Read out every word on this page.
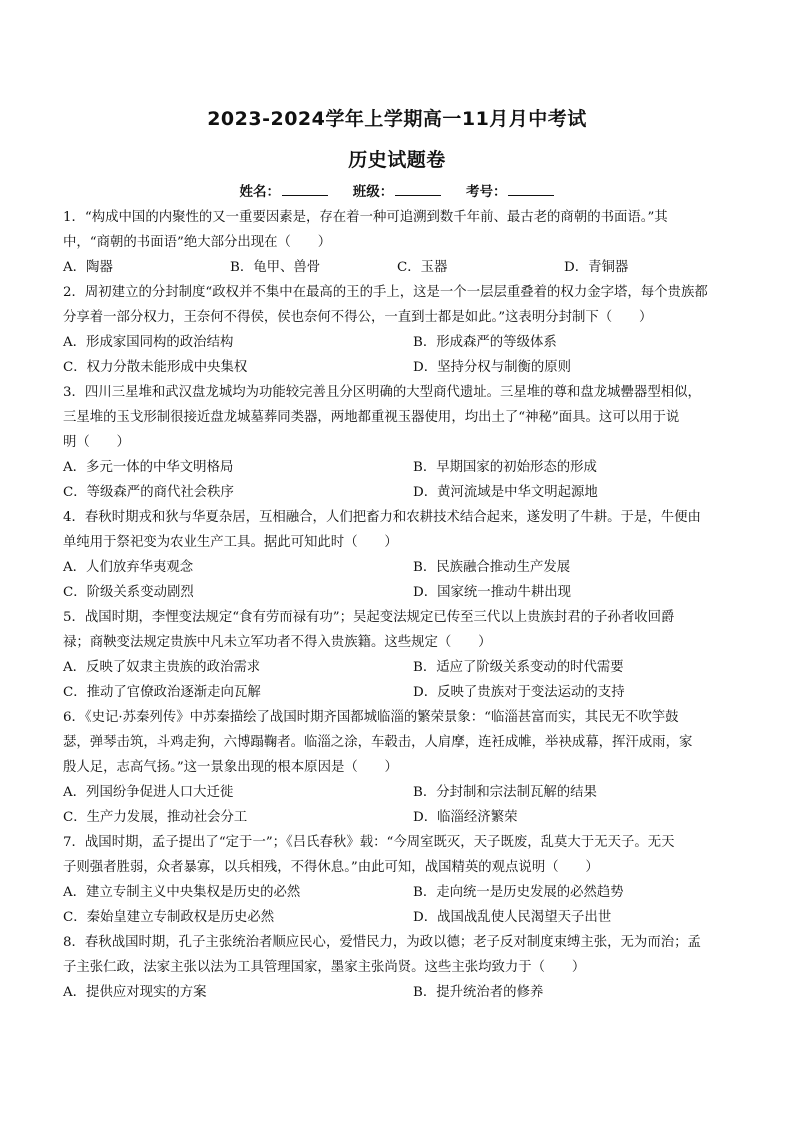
2023-2024学年上学期高一11月月中考试
历史试题卷
姓名：	班级：	考号：
1．“构成中国的内聚性的又一重要因素是，存在着一种可追溯到数千年前、最古老的商朝的书面语。”其
中，“商朝的书面语”绝大部分出现在（　　）
A．陶器	B．龟甲、兽骨	C．玉器	D．青铜器
2．周初建立的分封制度“政权并不集中在最高的王的手上，这是一个一层层重叠着的权力金字塔，每个贵族都
分享着一部分权力，王奈何不得侯，侯也奈何不得公，一直到士都是如此。”这表明分封制下（　　）
A．形成家国同构的政治结构	B．形成森严的等级体系
C．权力分散未能形成中央集权	D．坚持分权与制衡的原则
3．四川三星堆和武汉盘龙城均为功能较完善且分区明确的大型商代遗址。三星堆的尊和盘龙城罍器型相似，
三星堆的玉戈形制很接近盘龙城墓葬同类器，两地都重视玉器使用，均出土了“神秘”面具。这可以用于说
明（　　）
A．多元一体的中华文明格局	B．早期国家的初始形态的形成
C．等级森严的商代社会秩序	D．黄河流域是中华文明起源地
4．春秋时期戎和狄与华夏杂居，互相融合，人们把畜力和农耕技术结合起来，遂发明了牛耕。于是，牛便由
单纯用于祭祀变为农业生产工具。据此可知此时（　　）
A．人们放弃华夷观念	B．民族融合推动生产发展
C．阶级关系变动剧烈	D．国家统一推动牛耕出现
5．战国时期，李悝变法规定“食有劳而禄有功”；吴起变法规定已传至三代以上贵族封君的子孙者收回爵
禄；商鞅变法规定贵族中凡未立军功者不得入贵族籍。这些规定（　　）
A．反映了奴隶主贵族的政治需求	B．适应了阶级关系变动的时代需要
C．推动了官僚政治逐渐走向瓦解	D．反映了贵族对于变法运动的支持
6．《史记·苏秦列传》中苏秦描绘了战国时期齐国都城临淄的繁荣景象：“临淄甚富而实，其民无不吹竽鼓
瑟，弹琴击筑，斗鸡走狗，六博蹋鞠者。临淄之涂，车毂击，人肩摩，连衽成帷，举袂成幕，挥汗成雨，家
殷人足，志高气扬。”这一景象出现的根本原因是（　　）
A．列国纷争促进人口大迁徙	B．分封制和宗法制瓦解的结果
C．生产力发展，推动社会分工	D．临淄经济繁荣
7．战国时期，孟子提出了“定于一”；《吕氏春秋》载：“今周室既灭，天子既废，乱莫大于无天子。无天
子则强者胜弱，众者暴寡，以兵相残，不得休息。”由此可知，战国精英的观点说明（　　）
A．建立专制主义中央集权是历史的必然	B．走向统一是历史发展的必然趋势
C．秦始皇建立专制政权是历史必然	D．战国战乱使人民渴望天子出世
8．春秋战国时期，孔子主张统治者顺应民心，爱惜民力，为政以德；老子反对制度束缚主张，无为而治；孟
子主张仁政，法家主张以法为工具管理国家，墨家主张尚贤。这些主张均致力于（　　）
A．提供应对现实的方案	B．提升统治者的修养
